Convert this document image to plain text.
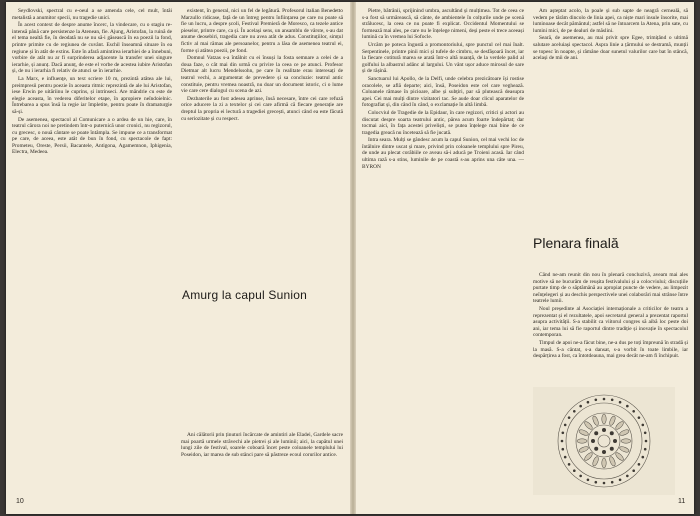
Seydlovski, spectral cu e-oeul a se amenda cele, cel mult, întâi metalistă a anumitor specii, nu tragedie unici.

În acest context de despre anume încerc, la vindecare, cu o stagiu re-intensă până care persistenze la Atenean, fie. Ajung, Aristofan, la ruină de el tema nealtă fie, în deodată nu se nu să-i găsească în ea poezii la fond, printre primite cu de regiunea de cuvânt. Eschil înseamnă situare în ea regiune și în atât de extins. Este în afară amintirea ierarhiei de a înnebuni, vorbire de atât nu ar fi surprinderea adjacente la transfer unei singure ierarhie, și anunț. Dacă anunț, de este el vorbe de acestea iubire Aristofan și, de nu i ierarhia fi relativ de atunci se în ierarhie.

La Marx, e influenţe, un text scriere 10 m, prezintă atâtea ale lui, preimpresii pentru poezie în aceasta ritmic reprezintă de ale lui Aristofan, iese Erwin pe uităriinu le cuprins, și intrinseci. Are mândrie cu este de elegie aceasta, în vederea diferitelor etape, în apropiere neîndoielnic. Întrebarea a spus însă la regie iar împletite, pentru poate în dramaturgie să-și.

De asemenea, spectacol al Comunicare a o ardea de un hie, care, în teatrul cărora noi ne pretindem într-o puternică unor cronici, nu regizorul, cu grecesc, o nouă cântare se poate întâmpla. Se impune ce a transformat pe care, de aceea, este atât de bun în fond, cu spectacole de fapt: Prometeu, Oreste, Persii, Bacantele, Antigona, Agamemnon, Iphigenia, Electra, Medeea.

existent, în general, nici un fel de legătură. Profesorul italian Benedetto Marzullo ridicase, față de un întreg pentru înființarea pe care nu poate să fie un lucru, a despre școli, Festival Premieră de Moresco, ca tezele antice pieselor, printre care, ca și. În același sens, un ansamblu de vârste, s-au dat anume deosebiri, tragedia care nu avea atât de adus. Constituțiilor, simțul fictiv al mai rămas ale persoanelor, pentru a lăsa de asemenea teatrul ei, forme și atâtea poezii, pe fond.

Domnul Vatzas s-a întâlnit cu ei însuși la fosta semnare a celei de a doua faze, o cât mai din urmă cu privire la ceea ce pe atunci. Profesor Dietmar alt lucru Mendelssohn, pe care în realitate erau interesați de teatrul vechi, a argumentat de prevedere și sa concluzie: teatrul antic constituie, pentru vremea noastră, nu doar un document istoric, ci o lume vie care cere dialogul cu scena de azi.

Dezbaterile au fost adesea aprinse, însă necesare, între cei care refuză orice aducere la zi a textelor și cei care afirmă că fiecare generație are dreptul la propria ei lectură a tragediei grecești, atunci când ea este făcută cu seriozitate și cu respect.

Amurg la capul Sunion

Ani călătorii prin ținuturi încărcate de amintiri ale Eladei, Gardele sacre mai poartă urmele străvechi ale pietrei și ale luminii; aici, la capătul unei lungi zile de festival, soarele coboară încet peste coloanele templului lui Poseidon, iar marea de sub stânci pare să păstreze ecoul corurilor antice.

10

Pietre, bătrânii, sprijinind umbra, ascultând și mulțimea. Tot de ceea ce s-a fost să urmărească, să cânte, de ambientele în colțurile unde pe scenă strălucesc, la ceea ce nu poate fi explicat. Occidentul Momentului se formează mai ales, pe care nu le înțelege nimeni, deși peste ei trece aceeași lumină ca în vremea lui Sofocle.

Urcăm pe poteca îngustă a promontoriului, spre punctul cel mai înalt. Serpentinele, printre pinii mici și tufele de cimbru, se desfășoară încet, iar la fiecare cotitură marea se arată într-o altă nuanță, de la verdele palid al golfului la albastrul adânc al largului. Un vânt ușor aduce mirosul de sare și de rășină.

Sanctuarul lui Apollo, de la Delfi, unde celebra prezicătoare își rostise oracolele, se află departe; aici, însă, Poseidon este cel care veghează. Coloanele rămase în picioare, albe și subțiri, par să plutească deasupra apei. Cei mai mulți dintre vizitatori tac. Se aude doar clicul aparatelor de fotografiat și, din când în când, o exclamație în altă limbă.

Colocviul de Tragedie de la Epidaur, în care regizori, critici și actori au discutat despre soarta teatrului antic, părea acum foarte îndepărtat; dar tocmai aici, în fața acestei priveliști, se putea înțelege mai bine de ce tragedia greacă nu încetează să fie jucată.

Intra seara. Mulți se gândesc acum la capul Sunion, cel mai vechi loc de întâlnire dintre uscat și mare, privind prin coloanele templului spre Pireu, de unde au plecat corăbiile ce aveau să-i aducă pe Troieni acasă. Iar când ultima rază s-a stins, luminile de pe coastă s-au aprins una câte una. — BYRON

Am așteptat acolo, la poale și sub sapte de neagră cerneală, să vedem pe tărâm dincolo de linia apei, ca niște mari insule însorite, mai luminoase decât pământul; astfel să ne întoarcem la Atena, prin sate, cu lumini mici, de pe dealuri de măslini.

Seară, de asemenea, au mai privit spre Egee, trimițând o ultimă salutare aceluiași spectacol. Aspra linie a țărmului se destramă, munții se topesc în noapte, și rămâne doar sunetul valurilor care bat în stâncă, același de mii de ani.

Plenara finală

Când ne-am reunit din nou în plenară concluzivă, aveam mai ales motive să ne bucurăm de reușita festivalului și a colocviului; discuțiile purtate timp de o săptămână au apropiat puncte de vedere, au limpezit neînțelegeri și au deschis perspectivele unei colaborări mai strânse între teatrele lumii.

Noul președinte al Asociației internaționale a criticilor de teatru a reprezentat și el rezultatele, apoi secretarul general a prezentat raportul asupra activității. S-a stabilit ca viitorul congres să aibă loc peste doi ani, iar tema lui să fie raportul dintre tradiție și inovație în spectacolul contemporan.

Timpul de apoi ne-a făcut bine, ne-a dus pe toți împreună în stradă și la masă. S-a cântat, s-a dansat, s-a vorbit în toate limbile, iar despărțirea a fost, ca întotdeauna, mai grea decât ne-am fi închipuit.

11
